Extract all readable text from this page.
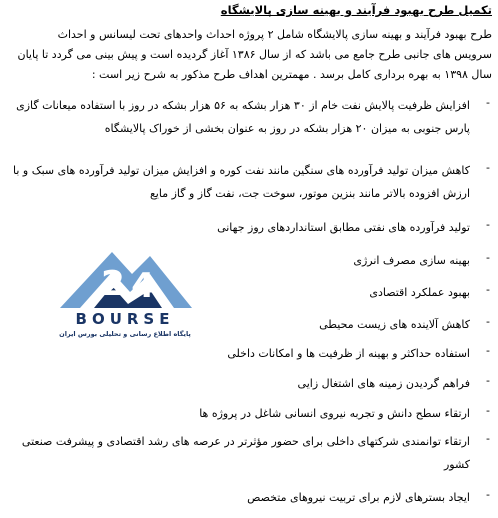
تکمیل طرح بهبود فرآیند و بهینه سازی پالایشگاه
طرح بهبود فرآیند و بهینه سازی پالایشگاه شامل ۲ پروژه احداث واحدهای تحت لیسانس و احداث
سرویس های جانبی طرح جامع می باشد که از سال ۱۳۸۶ آغاز گردیده است و پیش بینی می گردد تا پایان
سال ۱۳۹۸ به بهره برداری کامل برسد . مهمترین اهداف طرح مذکور به شرح زیر است :
-
افزایش ظرفیت پالایش نفت خام از ۳۰ هزار بشکه به ۵۶ هزار بشکه در روز با استفاده میعانات گازی
پارس جنوبی به میزان ۲۰ هزار بشکه در روز به عنوان بخشی از خوراک پالایشگاه
-
کاهش میزان تولید فرآورده های سنگین مانند نفت کوره و افزایش میزان تولید فرآورده های سبک و با
ارزش افزوده بالاتر مانند بنزین موتور، سوخت جت، نفت گاز و گاز مایع
-
تولید فرآورده های نفتی مطابق استانداردهای روز جهانی
-
بهینه سازی مصرف انرژی
-
بهبود عملکرد اقتصادی
-
کاهش آلاینده های زیست محیطی
-
استفاده حداکثر و بهینه از ظرفیت ها و امکانات داخلی
-
فراهم گردیدن زمینه های اشتغال زایی
-
ارتقاء سطح دانش و تجربه نیروی انسانی شاغل در پروژه ها
-
ارتقاء توانمندی شرکتهای داخلی برای حضور مؤثرتر در عرصه های رشد اقتصادی و پیشرفت صنعتی
کشور
-
ایجاد بسترهای لازم برای تربیت نیروهای متخصص
2 4
BOURSE
پایگاه اطلاع رسانی و تحلیلی بورس ایران
